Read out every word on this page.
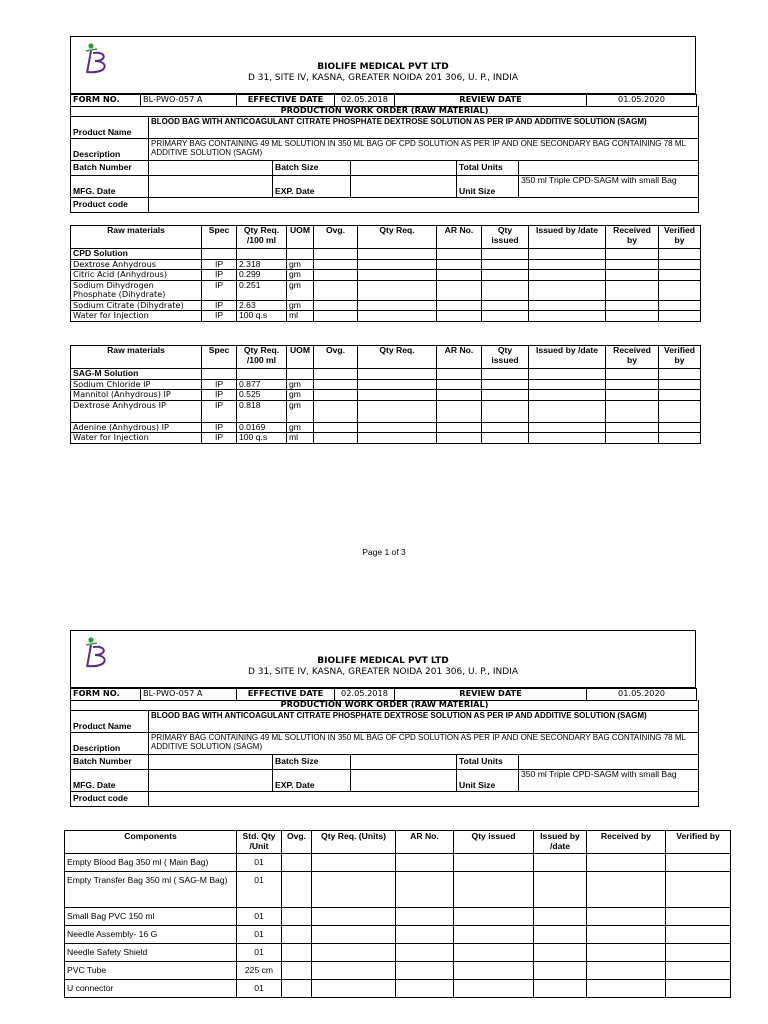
BIOLIFE MEDICAL PVT LTD
D 31, SITE IV, KASNA, GREATER NOIDA 201 306, U. P., INDIA
FORM NO.	BL-PWO-057 A	EFFECTIVE DATE	02.05.2018	REVIEW DATE	01.05.2020
PRODUCTION WORK ORDER (RAW MATERIAL)					
Product Name	BLOOD BAG WITH ANTICOAGULANT CITRATE PHOSPHATE DEXTROSE SOLUTION AS PER IP AND ADDITIVE SOLUTION (SAGM)				
Description	PRIMARY BAG CONTAINING 49 ML SOLUTION IN 350 ML BAG OF CPD SOLUTION AS PER IP AND ONE SECONDARY BAG CONTAINING 78 ML ADDITIVE SOLUTION (SAGM)				
Batch Number		Batch Size		Total Units	
MFG. Date		EXP. Date		Unit Size	350 ml Triple CPD-SAGM with small Bag
Product code					
Raw materials	Spec	Qty Req. /100 ml	UOM	Ovg.	Qty Req.	AR No.	Qty issued	Issued by /date	Received by	Verified by
CPD Solution										
Dextrose Anhydrous	IP	2.318	gm							
Citric Acid (Anhydrous)	IP	0.299	gm							
Sodium Dihydrogen Phosphate (Dihydrate)	IP	0.251	gm							
Sodium Citrate (Dihydrate)	IP	2.63	gm							
Water for Injection	IP	100 q.s	ml							
Raw materials	Spec	Qty Req. /100 ml	UOM	Ovg.	Qty Req.	AR No.	Qty issued	Issued by /date	Received by	Verified by
SAG-M Solution										
Sodium Chloride IP	IP	0.877	gm							
Mannitol (Anhydrous) IP	IP	0.525	gm							
Dextrose Anhydrous IP	IP	0.818	gm							
Adenine (Anhydrous) IP	IP	0.0169	gm							
Water for Injection	IP	100 q.s	ml							
Page 1 of 3
BIOLIFE MEDICAL PVT LTD
D 31, SITE IV, KASNA, GREATER NOIDA 201 306, U. P., INDIA
FORM NO.	BL-PWO-057 A	EFFECTIVE DATE	02.05.2018	REVIEW DATE	01.05.2020
PRODUCTION WORK ORDER (RAW MATERIAL)					
Product Name	BLOOD BAG WITH ANTICOAGULANT CITRATE PHOSPHATE DEXTROSE SOLUTION AS PER IP AND ADDITIVE SOLUTION (SAGM)				
Description	PRIMARY BAG CONTAINING 49 ML SOLUTION IN 350 ML BAG OF CPD SOLUTION AS PER IP AND ONE SECONDARY BAG CONTAINING 78 ML ADDITIVE SOLUTION (SAGM)				
Batch Number		Batch Size		Total Units	
MFG. Date		EXP. Date		Unit Size	350 ml Triple CPD-SAGM with small Bag
Product code					
Components	Std. Qty /Unit	Ovg.	Qty Req. (Units)	AR No.	Qty issued	Issued by /date	Received by	Verified by
Empty Blood Bag 350 ml ( Main Bag)	01							
Empty Transfer Bag 350 ml ( SAG-M Bag)	01							
Small Bag PVC 150 ml	01							
Needle Assembly- 16 G	01							
Needle Safety Shield	01							
PVC Tube	225 cm							
U connector	01							
